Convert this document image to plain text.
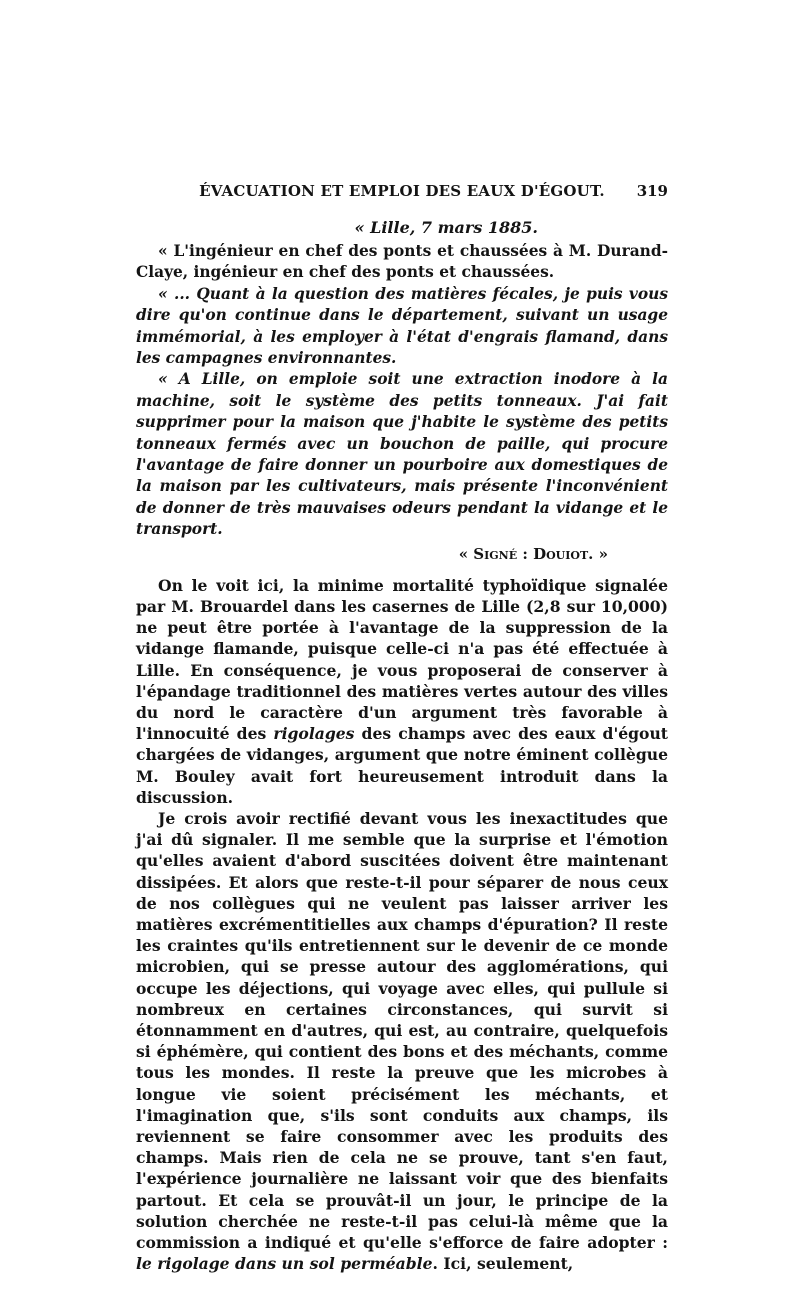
ÉVACUATION ET EMPLOI DES EAUX D'ÉGOUT.	319
« Lille, 7 mars 1885.

« L'ingénieur en chef des ponts et chaussées à M. Durand-Claye, ingénieur en chef des ponts et chaussées.

« ... Quant à la question des matières fécales, je puis vous dire qu'on continue dans le département, suivant un usage immémorial, à les employer à l'état d'engrais flamand, dans les campagnes environnantes.

« A Lille, on emploie soit une extraction inodore à la machine, soit le système des petits tonneaux. J'ai fait supprimer pour la maison que j'habite le système des petits tonneaux fermés avec un bouchon de paille, qui procure l'avantage de faire donner un pourboire aux domestiques de la maison par les cultivateurs, mais présente l'inconvénient de donner de très mauvaises odeurs pendant la vidange et le transport.

« Signé : Douiot. »

On le voit ici, la minime mortalité typhoïdique signalée par M. Brouardel dans les casernes de Lille (2,8 sur 10,000) ne peut être portée à l'avantage de la suppression de la vidange flamande, puisque celle-ci n'a pas été effectuée à Lille. En conséquence, je vous proposerai de conserver à l'épandage traditionnel des matières vertes autour des villes du nord le caractère d'un argument très favorable à l'innocuité des rigolages des champs avec des eaux d'égout chargées de vidanges, argument que notre éminent collègue M. Bouley avait fort heureusement introduit dans la discussion.

Je crois avoir rectifié devant vous les inexactitudes que j'ai dû signaler. Il me semble que la surprise et l'émotion qu'elles avaient d'abord suscitées doivent être maintenant dissipées. Et alors que reste-t-il pour séparer de nous ceux de nos collègues qui ne veulent pas laisser arriver les matières excrémentitielles aux champs d'épuration? Il reste les craintes qu'ils entretiennent sur le devenir de ce monde microbien, qui se presse autour des agglomérations, qui occupe les déjections, qui voyage avec elles, qui pullule si nombreux en certaines circonstances, qui survit si étonnamment en d'autres, qui est, au contraire, quelquefois si éphémère, qui contient des bons et des méchants, comme tous les mondes. Il reste la preuve que les microbes à longue vie soient précisément les méchants, et l'imagination que, s'ils sont conduits aux champs, ils reviennent se faire consommer avec les produits des champs. Mais rien de cela ne se prouve, tant s'en faut, l'expérience journalière ne laissant voir que des bienfaits partout. Et cela se prouvât-il un jour, le principe de la solution cherchée ne reste-t-il pas celui-là même que la commission a indiqué et qu'elle s'efforce de faire adopter : le rigolage dans un sol perméable. Ici, seulement,
